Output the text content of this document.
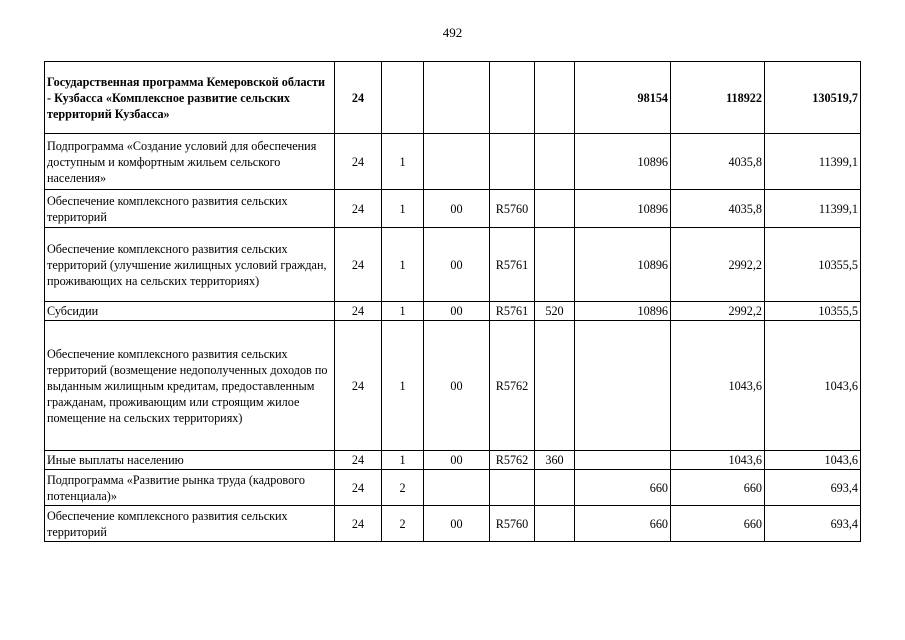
492
Государственная программа Кемеровской области - Кузбасса «Комплексное развитие сельских территорий Кузбасса»	24					98154	118922	130519,7
Подпрограмма «Создание условий для обеспечения доступным и комфортным жильем сельского населения»	24	1				10896	4035,8	11399,1
Обеспечение комплексного развития сельских территорий	24	1	00	R5760		10896	4035,8	11399,1
Обеспечение комплексного развития сельских территорий (улучшение жилищных условий граждан, проживающих на сельских территориях)	24	1	00	R5761		10896	2992,2	10355,5
Субсидии	24	1	00	R5761	520	10896	2992,2	10355,5
Обеспечение комплексного развития сельских территорий (возмещение недополученных доходов по выданным жилищным кредитам, предоставленным гражданам, проживающим или строящим жилое помещение на сельских территориях)	24	1	00	R5762			1043,6	1043,6
Иные выплаты населению	24	1	00	R5762	360		1043,6	1043,6
Подпрограмма «Развитие рынка труда (кадрового потенциала)»	24	2				660	660	693,4
Обеспечение комплексного развития сельских территорий	24	2	00	R5760		660	660	693,4
